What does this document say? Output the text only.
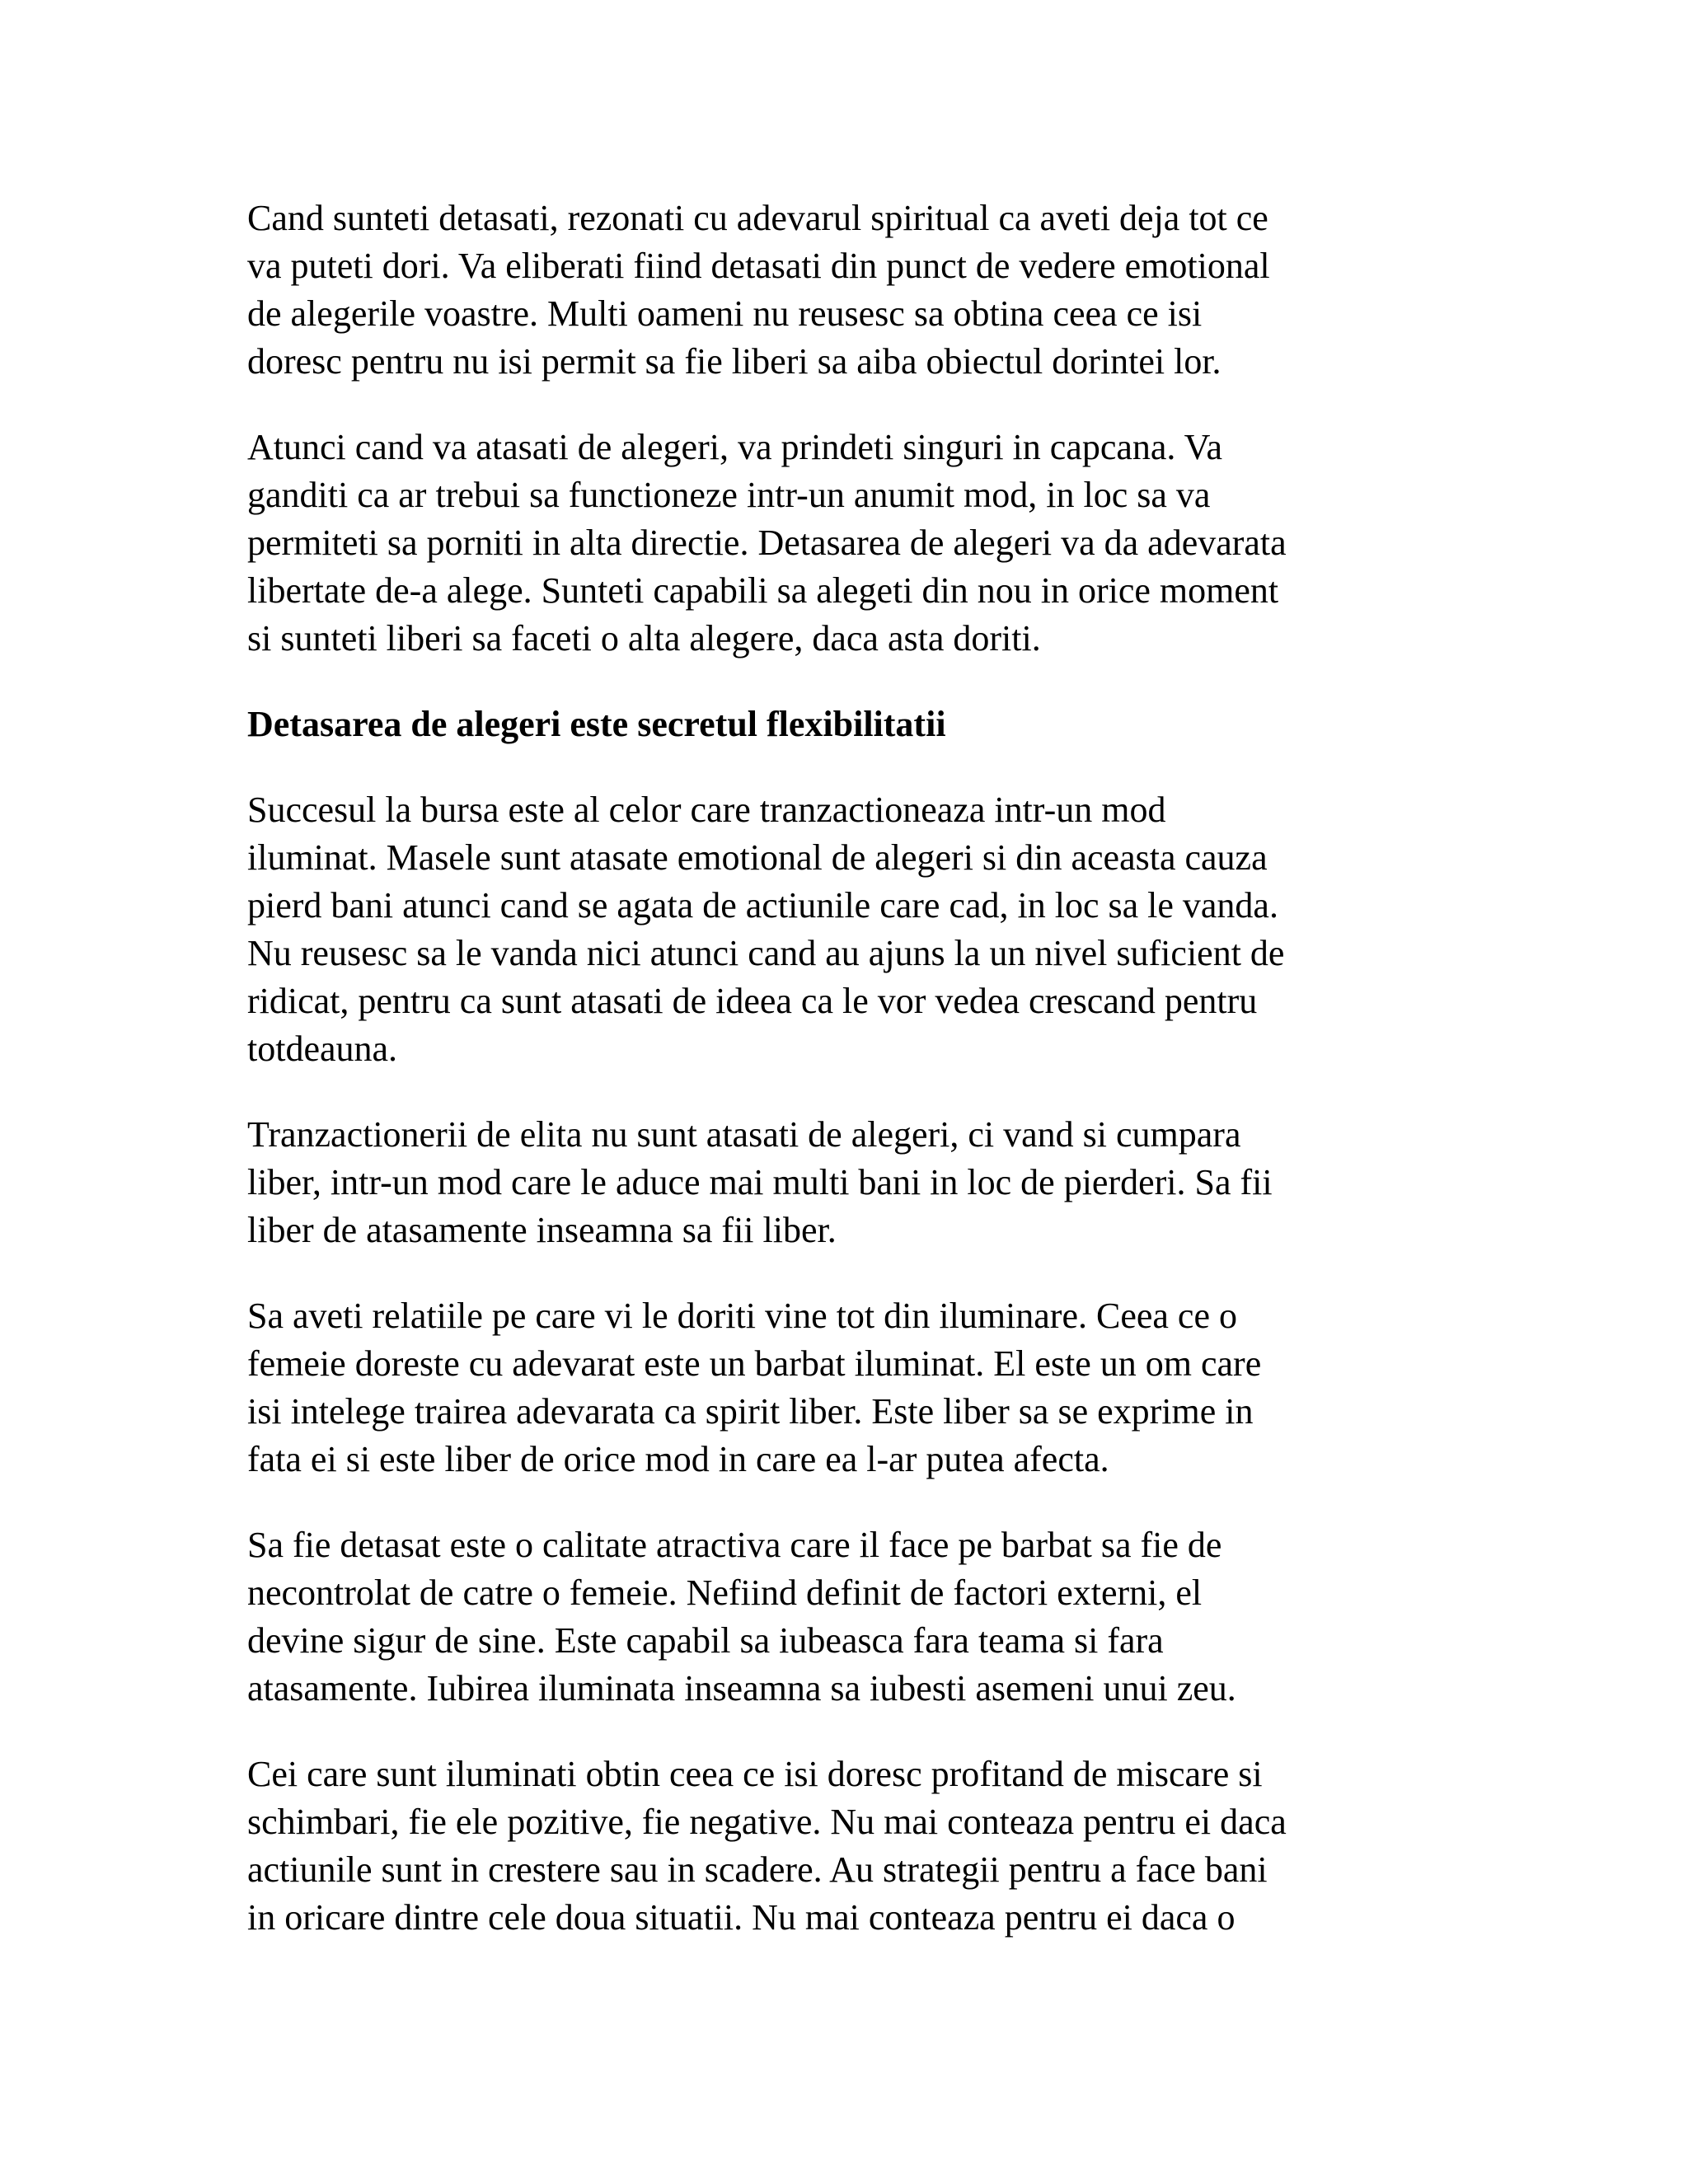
Cand sunteti detasati, rezonati cu adevarul spiritual ca aveti deja tot ce
va puteti dori. Va eliberati fiind detasati din punct de vedere emotional
de alegerile voastre. Multi oameni nu reusesc sa obtina ceea ce isi
doresc pentru nu isi permit sa fie liberi sa aiba obiectul dorintei lor.
Atunci cand va atasati de alegeri, va prindeti singuri in capcana. Va
ganditi ca ar trebui sa functioneze intr-un anumit mod, in loc sa va
permiteti sa porniti in alta directie. Detasarea de alegeri va da adevarata
libertate de-a alege. Sunteti capabili sa alegeti din nou in orice moment
si sunteti liberi sa faceti o alta alegere, daca asta doriti.
Detasarea de alegeri este secretul flexibilitatii
Succesul la bursa este al celor care tranzactioneaza intr-un mod
iluminat. Masele sunt atasate emotional de alegeri si din aceasta cauza
pierd bani atunci cand se agata de actiunile care cad, in loc sa le vanda.
Nu reusesc sa le vanda nici atunci cand au ajuns la un nivel suficient de
ridicat, pentru ca sunt atasati de ideea ca le vor vedea crescand pentru
totdeauna.
Tranzactionerii de elita nu sunt atasati de alegeri, ci vand si cumpara
liber, intr-un mod care le aduce mai multi bani in loc de pierderi. Sa fii
liber de atasamente inseamna sa fii liber.
Sa aveti relatiile pe care vi le doriti vine tot din iluminare. Ceea ce o
femeie doreste cu adevarat este un barbat iluminat. El este un om care
isi intelege trairea adevarata ca spirit liber. Este liber sa se exprime in
fata ei si este liber de orice mod in care ea l-ar putea afecta.
Sa fie detasat este o calitate atractiva care il face pe barbat sa fie de
necontrolat de catre o femeie. Nefiind definit de factori externi, el
devine sigur de sine. Este capabil sa iubeasca fara teama si fara
atasamente. Iubirea iluminata inseamna sa iubesti asemeni unui zeu.
Cei care sunt iluminati obtin ceea ce isi doresc profitand de miscare si
schimbari, fie ele pozitive, fie negative. Nu mai conteaza pentru ei daca
actiunile sunt in crestere sau in scadere. Au strategii pentru a face bani
in oricare dintre cele doua situatii. Nu mai conteaza pentru ei daca o
